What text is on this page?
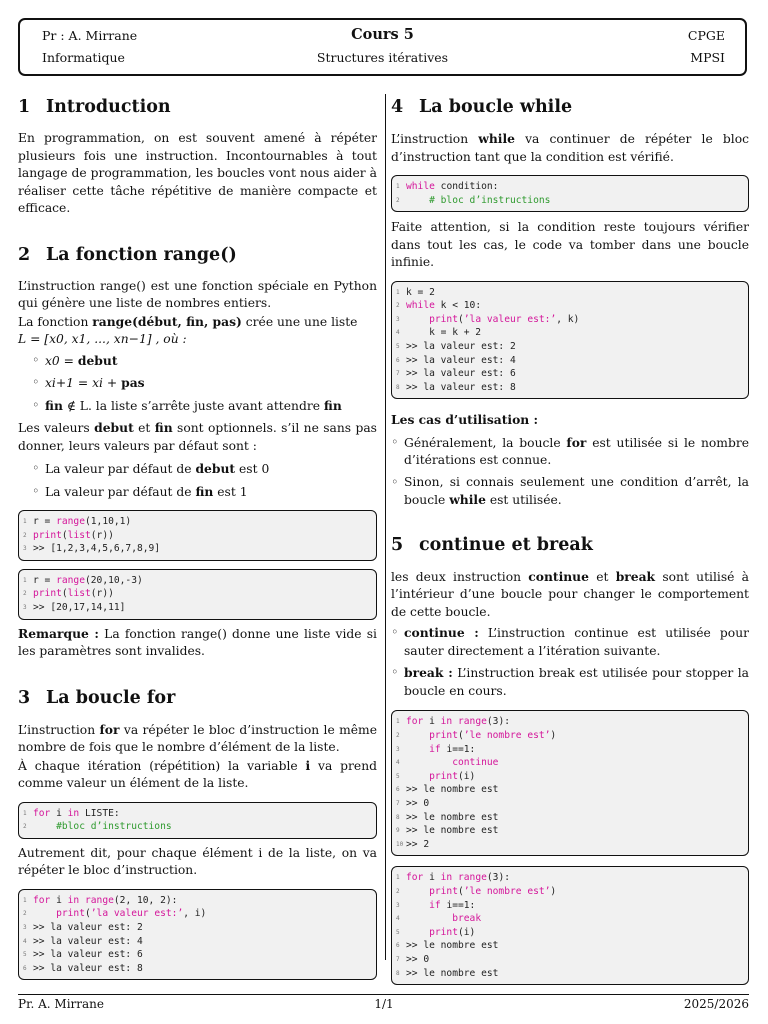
Pr : A. Mirrane	Cours 5	CPGE
Informatique	Structures itératives	MPSI
1 Introduction

En programmation, on est souvent amené à répéter plusieurs fois une instruction. Incontournables à tout langage de programmation, les boucles vont nous aider à réaliser cette tâche répétitive de manière compacte et efficace.

2 La fonction range()

L’instruction range() est une fonction spéciale en Python qui génère une liste de nombres entiers.

La fonction range(début, fin, pas) crée une une liste

L = [x0, x1, ..., xn−1] , où :

◦ x0 = debut
◦ xi+1 = xi + pas
◦ fin ∉ L. la liste s’arrête juste avant attendre fin

Les valeurs debut et fin sont optionnels. s’il ne sans pas donner, leurs valeurs par défaut sont :

◦ La valeur par défaut de debut est 0
◦ La valeur par défaut de fin est 1
1 r = range(1,10,1)
2 print(list(r))
3 >> [1,2,3,4,5,6,7,8,9]
1 r = range(20,10,-3)
2 print(list(r))
3 >> [20,17,14,11]

Remarque : La fonction range() donne une liste vide si les paramètres sont invalides.

3 La boucle for

L’instruction for va répéter le bloc d’instruction le même nombre de fois que le nombre d’élément de la liste.

À chaque itération (répétition) la variable i va prend comme valeur un élément de la liste.

1 for i in LISTE:
2	#bloc d’instructions

Autrement dit, pour chaque élément i de la liste, on va répéter le bloc d’instruction.

1 for i in range(2, 10, 2):
2	print(’la valeur est:’, i)
3 >> la valeur est: 2
4 >> la valeur est: 4
5 >> la valeur est: 6
6 >> la valeur est: 8
4 La boucle while

L’instruction while va continuer de répéter le bloc d’instruction tant que la condition est vérifié.

1 while condition:
2	# bloc d’instructions

Faite attention, si la condition reste toujours vérifier dans tout les cas, le code va tomber dans une boucle infinie.

1 k = 2
2 while k < 10:
3	print(’la valeur est:’, k)
4    k = k + 2
5 >> la valeur est: 2
6 >> la valeur est: 4
7 >> la valeur est: 6
8 >> la valeur est: 8

Les cas d’utilisation :

◦ Généralement, la boucle for est utilisée si le nombre d’itérations est connue.
◦ Sinon, si connais seulement une condition d’arrêt, la boucle while est utilisée.
5 continue et break

les deux instruction continue et break sont utilisé à l’intérieur d’une boucle pour changer le comportement de cette boucle.

◦ continue : L’instruction continue est utilisée pour sauter directement a l’itération suivante.
◦ break : L’instruction break est utilisée pour stopper la boucle en cours.
1 for i in range(3):
2	print(’le nombre est’)
3	if i==1:
4	continue
5	print(i)
6 >> le nombre est
7 >> 0
8 >> le nombre est
9 >> le nombre est
10 >> 2
1 for i in range(3):
2	print(’le nombre est’)
3	if i==1:
4	break
5	print(i)
6 >> le nombre est
7 >> 0
8 >> le nombre est
Pr. A. Mirrane	1/1	2025/2026
